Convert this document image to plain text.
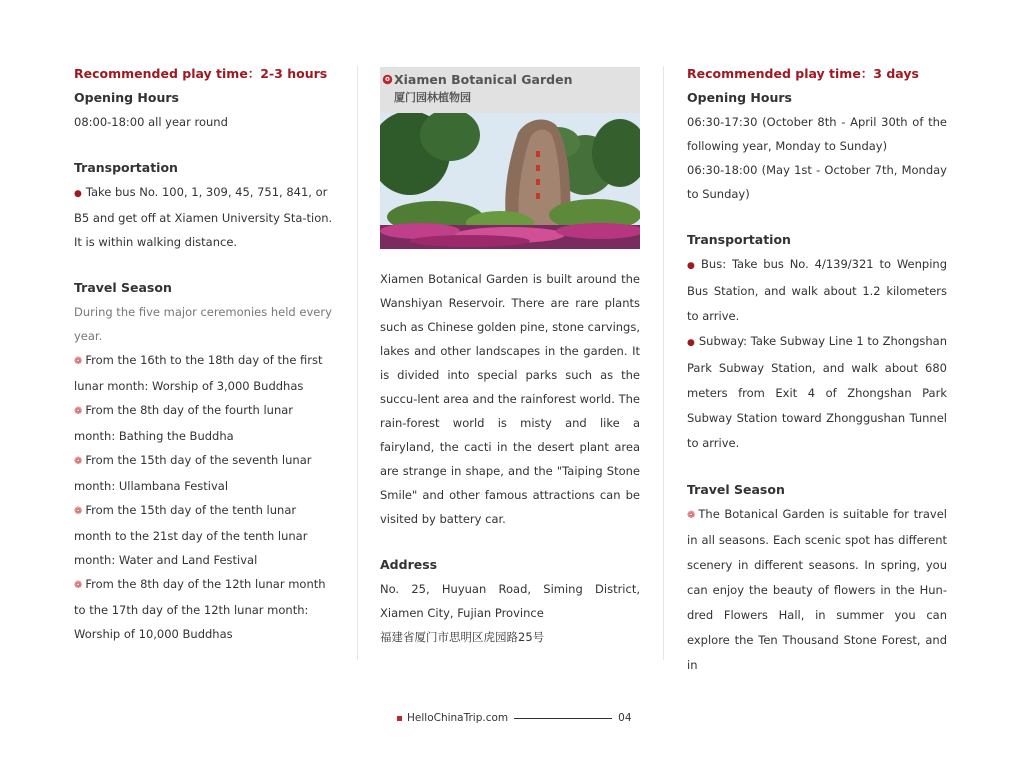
Recommended play time：2-3 hours
Opening Hours
08:00-18:00 all year round
Transportation
● Take bus No. 100, 1, 309, 45, 751, 841, or B5 and get off at Xiamen University Sta-tion. It is within walking distance.
Travel Season
During the five major ceremonies held every year.
❁ From the 16th to the 18th day of the first lunar month: Worship of 3,000 Buddhas
❁ From the 8th day of the fourth lunar month: Bathing the Buddha
❁ From the 15th day of the seventh lunar month: Ullambana Festival
❁ From the 15th day of the tenth lunar month to the 21st day of the tenth lunar month: Water and Land Festival
❁ From the 8th day of the 12th lunar month to the 17th day of the 12th lunar month: Worship of 10,000 Buddhas
Xiamen Botanical Garden
厦门园林植物园
Xiamen Botanical Garden is built around the Wanshiyan Reservoir. There are rare plants such as Chinese golden pine, stone carvings, lakes and other landscapes in the garden. It is divided into special parks such as the succu-lent area and the rainforest world. The rain-forest world is misty and like a fairyland, the cacti in the desert plant area are strange in shape, and the "Taiping Stone Smile" and other famous attractions can be visited by battery car.
Address
No. 25, Huyuan Road, Siming District, Xiamen City, Fujian Province
福建省厦门市思明区虎园路25号
Recommended play time：3 days
Opening Hours
06:30-17:30 (October 8th - April 30th of the following year, Monday to Sunday)
06:30-18:00 (May 1st - October 7th, Monday to Sunday)
Transportation
● Bus: Take bus No. 4/139/321 to Wenping Bus Station, and walk about 1.2 kilometers to arrive.
● Subway: Take Subway Line 1 to Zhongshan Park Subway Station, and walk about 680 meters from Exit 4 of Zhongshan Park Subway Station toward Zhonggushan Tunnel to arrive.
Travel Season
❁ The Botanical Garden is suitable for travel in all seasons. Each scenic spot has different scenery in different seasons. In spring, you can enjoy the beauty of flowers in the Hun-dred Flowers Hall, in summer you can explore the Ten Thousand Stone Forest, and in
HelloChinaTrip.com	04
